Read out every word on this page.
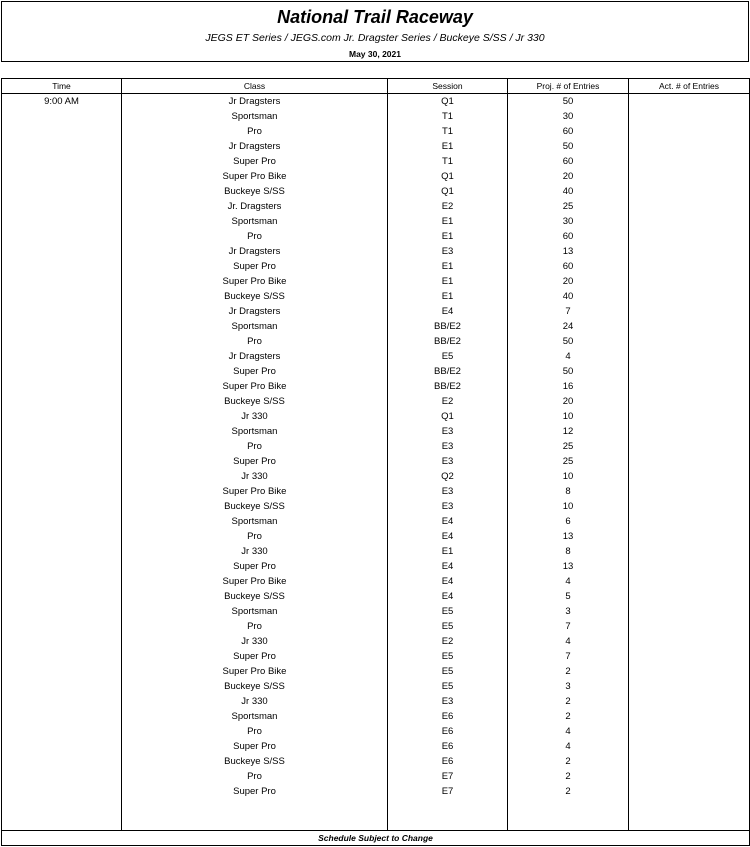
National Trail Raceway
JEGS ET Series / JEGS.com Jr. Dragster Series / Buckeye S/SS / Jr 330
May 30, 2021
Time	Class	Session	Proj. # of Entries	Act. # of Entries
9:00 AM	Jr Dragsters	Q1	50	
	Sportsman	T1	30	
	Pro	T1	60	
	Jr Dragsters	E1	50	
	Super Pro	T1	60	
	Super Pro Bike	Q1	20	
	Buckeye S/SS	Q1	40	
	Jr. Dragsters	E2	25	
	Sportsman	E1	30	
	Pro	E1	60	
	Jr Dragsters	E3	13	
	Super Pro	E1	60	
	Super Pro Bike	E1	20	
	Buckeye S/SS	E1	40	
	Jr Dragsters	E4	7	
	Sportsman	BB/E2	24	
	Pro	BB/E2	50	
	Jr Dragsters	E5	4	
	Super Pro	BB/E2	50	
	Super Pro Bike	BB/E2	16	
	Buckeye S/SS	E2	20	
	Jr 330	Q1	10	
	Sportsman	E3	12	
	Pro	E3	25	
	Super Pro	E3	25	
	Jr 330	Q2	10	
	Super Pro Bike	E3	8	
	Buckeye S/SS	E3	10	
	Sportsman	E4	6	
	Pro	E4	13	
	Jr 330	E1	8	
	Super Pro	E4	13	
	Super Pro Bike	E4	4	
	Buckeye S/SS	E4	5	
	Sportsman	E5	3	
	Pro	E5	7	
	Jr 330	E2	4	
	Super Pro	E5	7	
	Super Pro Bike	E5	2	
	Buckeye S/SS	E5	3	
	Jr 330	E3	2	
	Sportsman	E6	2	
	Pro	E6	4	
	Super Pro	E6	4	
	Buckeye S/SS	E6	2	
	Pro	E7	2	
	Super Pro	E7	2	

Schedule Subject to Change				
